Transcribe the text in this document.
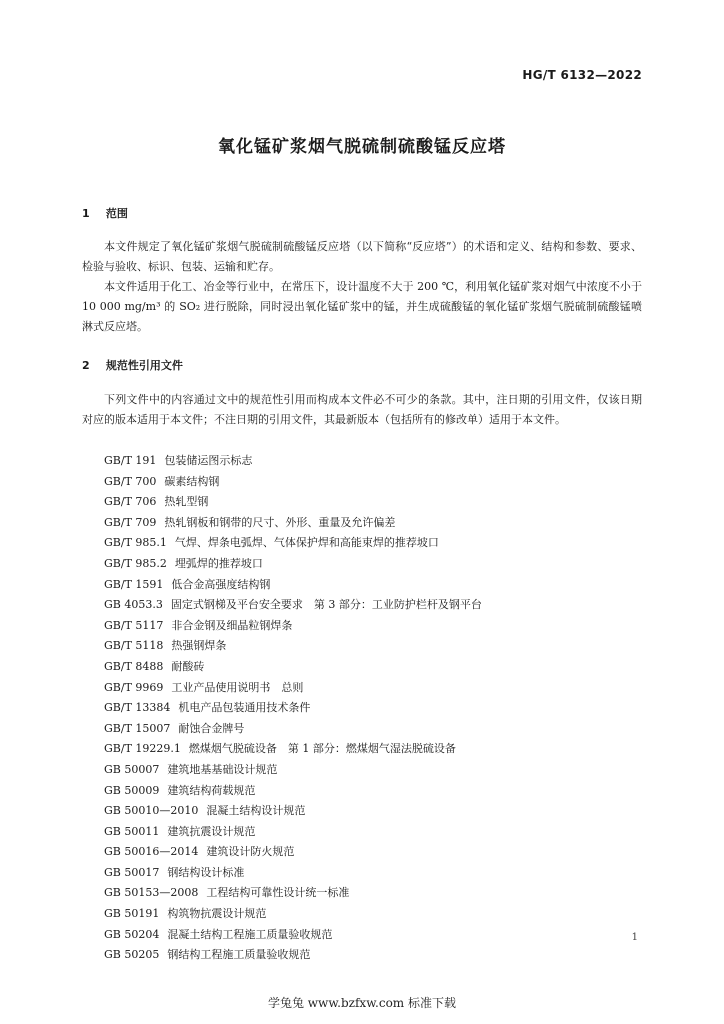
HG/T 6132—2022
氧化锰矿浆烟气脱硫制硫酸锰反应塔
1 范围

本文件规定了氧化锰矿浆烟气脱硫制硫酸锰反应塔（以下简称“反应塔”）的术语和定义、结构和参数、要求、检验与验收、标识、包装、运输和贮存。

本文件适用于化工、冶金等行业中，在常压下，设计温度不大于 200 ℃，利用氧化锰矿浆对烟气中浓度不小于 10 000 mg/m³ 的 SO₂ 进行脱除，同时浸出氧化锰矿浆中的锰，并生成硫酸锰的氧化锰矿浆烟气脱硫制硫酸锰喷淋式反应塔。

2 规范性引用文件

下列文件中的内容通过文中的规范性引用而构成本文件必不可少的条款。其中，注日期的引用文件，仅该日期对应的版本适用于本文件；不注日期的引用文件，其最新版本（包括所有的修改单）适用于本文件。

GB/T 191 包装储运图示标志
GB/T 700 碳素结构钢
GB/T 706 热轧型钢
GB/T 709 热轧钢板和钢带的尺寸、外形、重量及允许偏差
GB/T 985.1 气焊、焊条电弧焊、气体保护焊和高能束焊的推荐坡口
GB/T 985.2 埋弧焊的推荐坡口
GB/T 1591 低合金高强度结构钢
GB 4053.3 固定式钢梯及平台安全要求　第 3 部分：工业防护栏杆及钢平台
GB/T 5117 非合金钢及细晶粒钢焊条
GB/T 5118 热强钢焊条
GB/T 8488 耐酸砖
GB/T 9969 工业产品使用说明书　总则
GB/T 13384 机电产品包装通用技术条件
GB/T 15007 耐蚀合金牌号
GB/T 19229.1 燃煤烟气脱硫设备　第 1 部分：燃煤烟气湿法脱硫设备
GB 50007 建筑地基基础设计规范
GB 50009 建筑结构荷载规范
GB 50010—2010 混凝土结构设计规范
GB 50011 建筑抗震设计规范
GB 50016—2014 建筑设计防火规范
GB 50017 钢结构设计标准
GB 50153—2008 工程结构可靠性设计统一标准
GB 50191 构筑物抗震设计规范
GB 50204 混凝土结构工程施工质量验收规范
GB 50205 钢结构工程施工质量验收规范
1
学兔兔 www.bzfxw.com 标准下载
